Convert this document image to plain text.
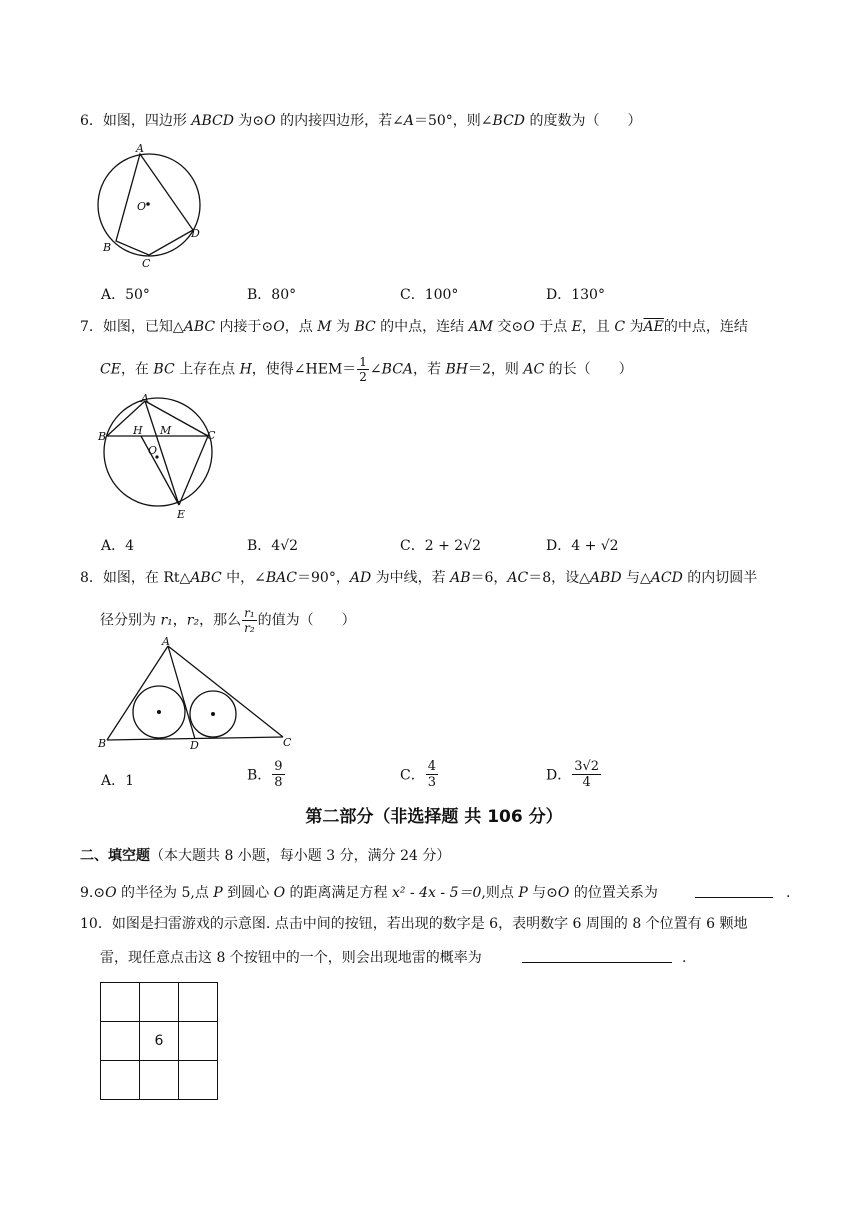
6．如图，四边形 ABCD 为⊙O 的内接四边形，若∠A＝50°，则∠BCD 的度数为（　　）
A
B
C
D
O
A．50°	B．80°	C．100°	D．130°
7．如图，已知△ABC 内接于⊙O，点 M 为 BC 的中点，连结 AM 交⊙O 于点 E，且 C 为$\overline{AE}$的中点，连结
CE，在 BC 上存在点 H，使得∠HEM＝ $\frac{1}{2}$ ∠BCA，若 BH＝2，则 AC 的长（　　）
A
B	C
H M
O
E
A．4	B．4√2	C．2 + 2√2	D．4 + √2
8．如图，在 Rt△ABC 中，∠BAC＝90°，AD 为中线，若 AB＝6，AC＝8，设△ABD 与△ACD 的内切圆半
径分别为 r₁，r₂，那么 $\frac{\text{r₁}}{\text{r₂}}$ 的值为（　　）
A
B	D	C
A．1	B． $\frac{9}{8}$	C． $\frac{4}{3}$	D． $\frac{3√2}{4}$
第二部分（非选择题 共 106 分）
二、填空题（本大题共 8 小题，每小题 3 分，满分 24 分）
9.⊙O 的半径为 5,点 P 到圆心 O 的距离满足方程 x² - 4x - 5＝0,则点 P 与⊙O 的位置关系为	.
10．如图是扫雷游戏的示意图. 点击中间的按钮，若出现的数字是 6，表明数字 6 周围的 8 个位置有 6 颗地
雷，现任意点击这 8 个按钮中的一个，则会出现地雷的概率为	.

	6	
